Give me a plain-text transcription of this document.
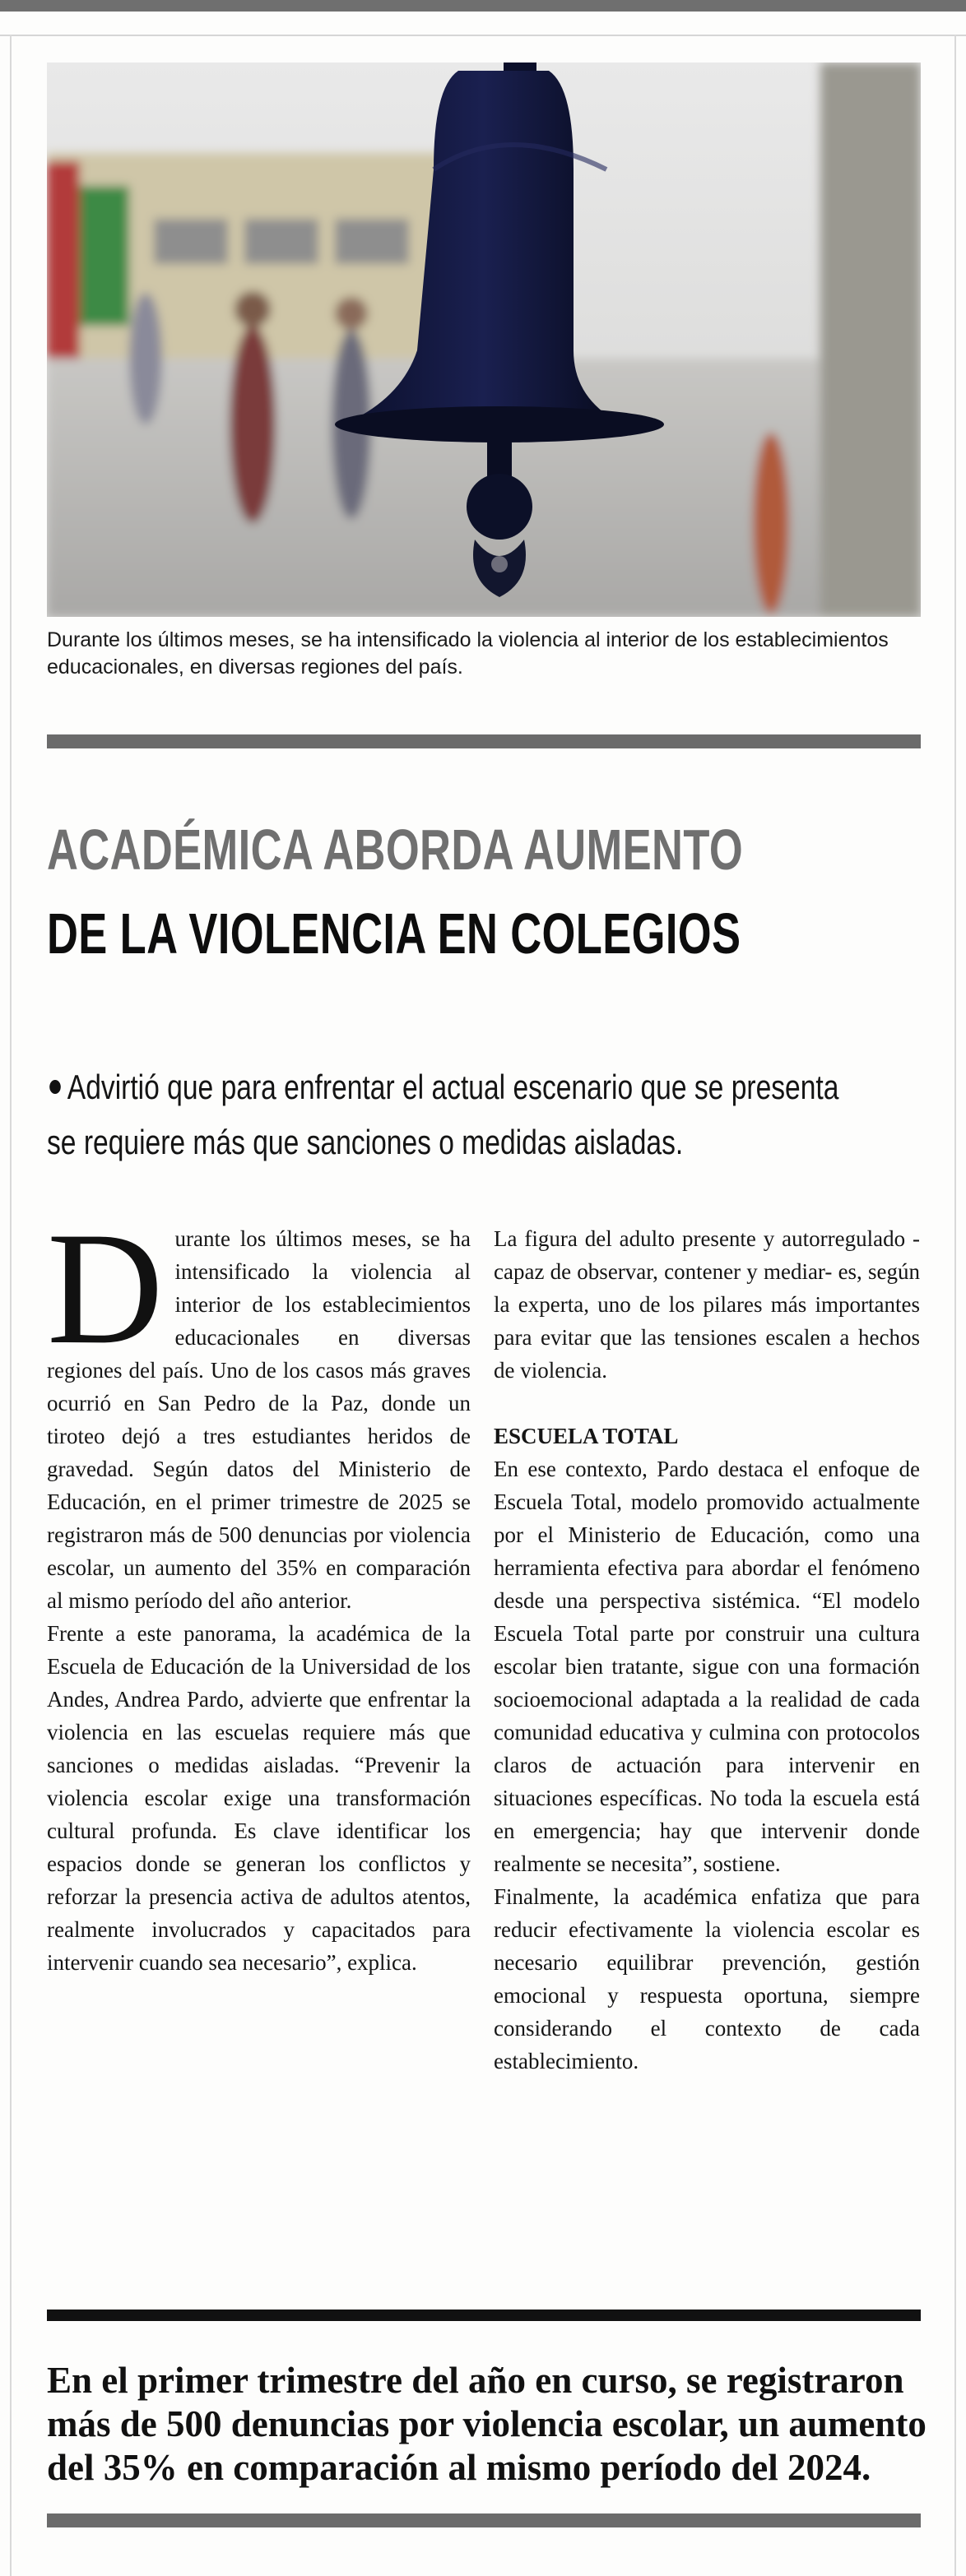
Durante los últimos meses, se ha intensificado la violencia al interior de los establecimientos educacionales, en diversas regiones del país.
ACADÉMICA ABORDA AUMENTO
DE LA VIOLENCIA EN COLEGIOS

Advirtió que para enfrentar el actual escenario que se presenta

se requiere más que sanciones o medidas aisladas.

Durante los últimos meses, se ha intensificado la violencia al interior de los establecimientos educacionales en diversas regiones del país. Uno de los casos más graves ocurrió en San Pedro de la Paz, donde un tiroteo dejó a tres estudiantes heridos de gravedad. Según datos del Ministerio de Educación, en el primer trimestre de 2025 se registraron más de 500 denuncias por violencia escolar, un aumento del 35% en comparación al mismo período del año anterior.

Frente a este panorama, la académica de la Escuela de Educación de la Universidad de los Andes, Andrea Pardo, advierte que enfrentar la violencia en las escuelas requiere más que sanciones o medidas aisladas. “Prevenir la violencia escolar exige una transformación cultural profunda. Es clave identificar los espacios donde se generan los conflictos y reforzar la presencia activa de adultos atentos, realmente involucrados y capacitados para intervenir cuando sea necesario”, explica.

La figura del adulto presente y autorregulado -capaz de observar, contener y mediar- es, según la experta, uno de los pilares más importantes para evitar que las tensiones escalen a hechos de violencia.

ESCUELA TOTAL

En ese contexto, Pardo destaca el enfoque de Escuela Total, modelo promovido actualmente por el Ministerio de Educación, como una herramienta efectiva para abordar el fenómeno desde una perspectiva sistémica. “El modelo Escuela Total parte por construir una cultura escolar bien tratante, sigue con una formación socioemocional adaptada a la realidad de cada comunidad educativa y culmina con protocolos claros de actuación para intervenir en situaciones específicas. No toda la escuela está en emergencia; hay que intervenir donde realmente se necesita”, sostiene.

Finalmente, la académica enfatiza que para reducir efectivamente la violencia escolar es necesario equilibrar prevención, gestión emocional y respuesta oportuna, siempre considerando el contexto de cada establecimiento.

En el primer trimestre del año en curso, se registraron

más de 500 denuncias por violencia escolar, un aumento

del 35% en comparación al mismo período del 2024.
